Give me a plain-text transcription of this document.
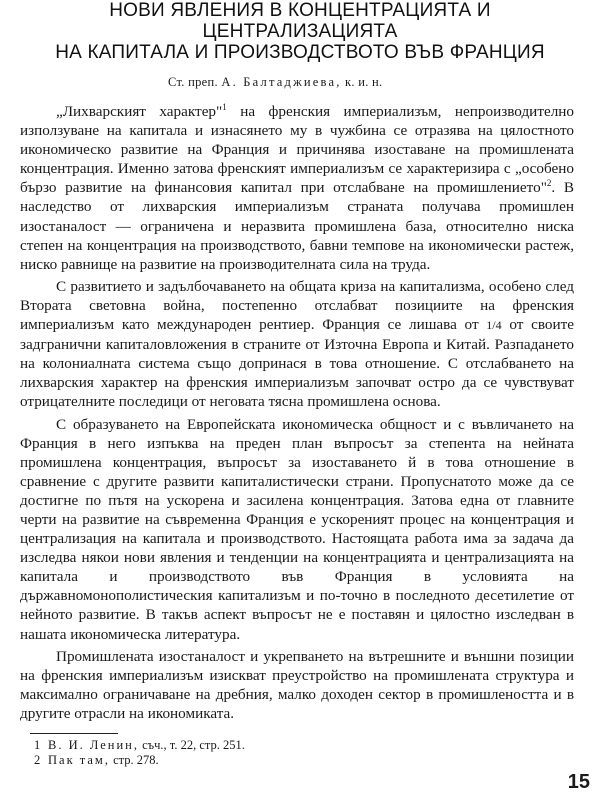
НОВИ ЯВЛЕНИЯ В КОНЦЕНТРАЦИЯТА И ЦЕНТРАЛИЗАЦИЯТА
НА КАПИТАЛА И ПРОИЗВОДСТВОТО ВЪВ ФРАНЦИЯ
Ст. преп. А. Балтаджиева, к. и. н.

„Лихварският характер"$^1$ на френския империализъм, непроизводително използуване на капитала и изнасянето му в чужбина се отразява на цялостното икономическо развитие на Франция и причинява изоставане на промишлената концентрация. Именно затова френският империализъм се характеризира с „особено бързо развитие на финансовия капитал при отслабване на промишлението"$^2$. В наследство от лихварския империализъм страната получава промишлен изостаналост — ограничена и неразвита промишлена база, относително ниска степен на концентрация на производството, бавни темпове на икономически растеж, ниско равнище на развитие на производителната сила на труда.

С развитието и задълбочаването на общата криза на капитализма, особено след Втората световна война, постепенно отслабват позициите на френския империализъм като международен рентиер. Франция се лишава от 1/4 от своите задгранични капиталовложения в страните от Източна Европа и Китай. Разпадането на колониалната система също допринася в това отношение. С отслабването на лихварския характер на френския империализъм започват остро да се чувствуват отрицателните последици от неговата тясна промишлена основа.

С образуването на Европейската икономическа общност и с въвличането на Франция в него изпъква на преден план въпросът за степента на нейната промишлена концентрация, въпросът за изоставането й в това отношение в сравнение с другите развити капиталистически страни. Пропуснатото може да се достигне по пътя на ускорена и засилена концентрация. Затова една от главните черти на развитие на съвременна Франция е ускореният процес на концентрация и централизация на капитала и производството. Настоящата работа има за задача да изследва някои нови явления и тенденции на концентрацията и централизацията на капитала и производството във Франция в условията на държавномонополистическия капитализъм и по-точно в последното десетилетие от нейното развитие. В такъв аспект въпросът не е поставян и цялостно изследван в нашата икономическа литература.

Промишлената изостаналост и укрепването на вътрешните и външни позиции на френския империализъм изискват преустройство на промишлената структура и максимално ограничаване на дребния, малко доходен сектор в промишлеността и в другите отрасли на икономиката.

1 В. И. Ленин, съч., т. 22, стр. 251.

2 Пак там, стр. 278.

15
